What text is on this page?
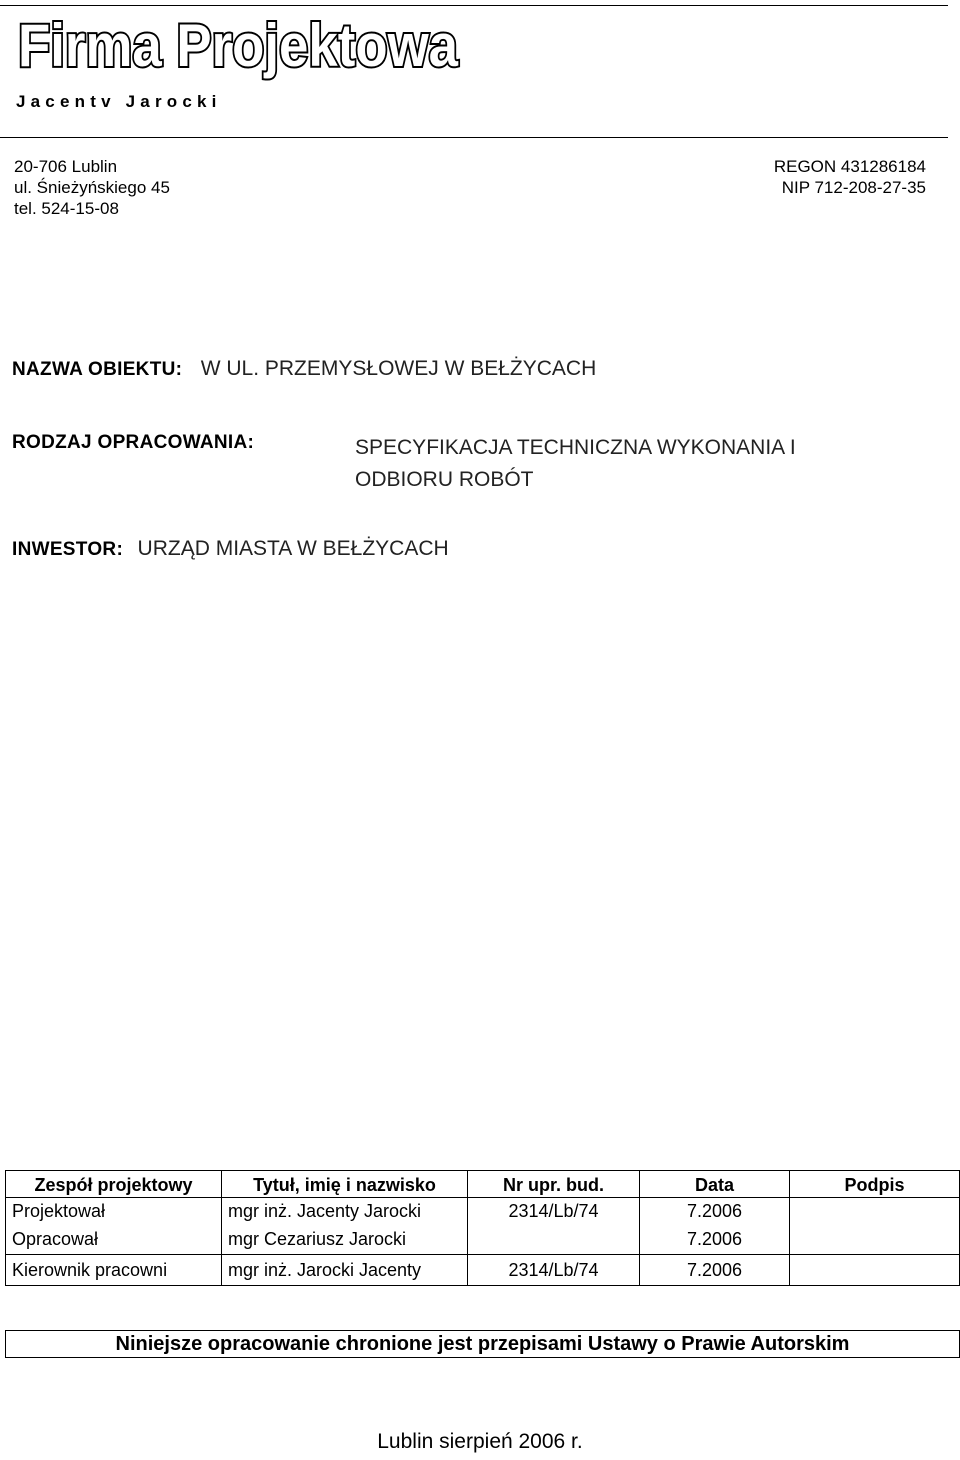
Firma Projektowa
Jacentv Jarocki
20-706 Lublin
ul. Śnieżyńskiego 45
tel. 524-15-08
REGON 431286184
NIP 712-208-27-35
NAZWA OBIEKTU: W UL. PRZEMYSŁOWEJ W BEŁŻYCACH
RODZAJ OPRACOWANIA:	SPECYFIKACJA TECHNICZNA WYKONANIA I
ODBIORU ROBÓT
INWESTOR: URZĄD MIASTA W BEŁŻYCACH
Zespół projektowy	Tytuł, imię i nazwisko	Nr upr. bud.	Data	Podpis
Projektował	mgr inż. Jacenty Jarocki	2314/Lb/74	7.2006	
Opracował	mgr Cezariusz Jarocki		7.2006	
Kierownik pracowni	mgr inż. Jarocki Jacenty	2314/Lb/74	7.2006	
Niniejsze opracowanie chronione jest przepisami Ustawy o Prawie Autorskim
Lublin sierpień 2006 r.
